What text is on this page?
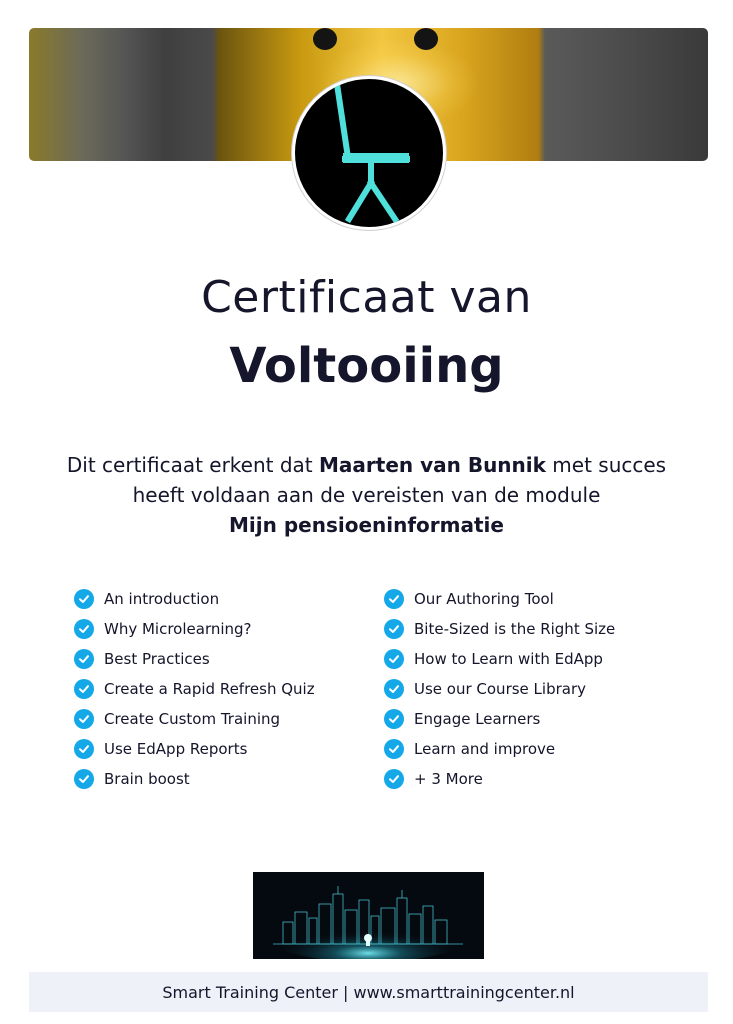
Certificaat van
Voltooiing
Dit certificaat erkent dat Maarten van Bunnik met succes heeft voldaan aan de vereisten van de module
Mijn pensioeninformatie
An introduction
Why Microlearning?
Best Practices
Create a Rapid Refresh Quiz
Create Custom Training
Use EdApp Reports
Brain boost
Our Authoring Tool
Bite-Sized is the Right Size
How to Learn with EdApp
Use our Course Library
Engage Learners
Learn and improve
+ 3 More
Smart Training Center | www.smarttrainingcenter.nl
